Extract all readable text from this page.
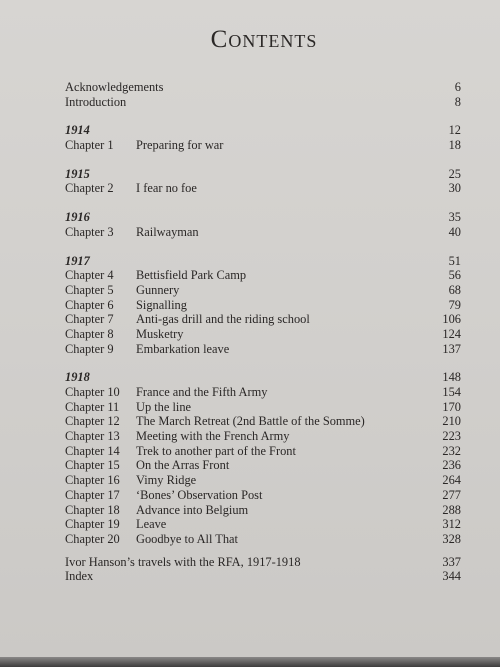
Contents
Acknowledgements	6
Introduction	8
1914	12
Chapter 1 Preparing for war	18
1915	25
Chapter 2 I fear no foe	30
1916	35
Chapter 3 Railwayman	40
1917	51
Chapter 4 Bettisfield Park Camp	56
Chapter 5 Gunnery	68
Chapter 6 Signalling	79
Chapter 7 Anti-gas drill and the riding school	106
Chapter 8 Musketry	124
Chapter 9 Embarkation leave	137
1918	148
Chapter 10 France and the Fifth Army	154
Chapter 11 Up the line	170
Chapter 12 The March Retreat (2nd Battle of the Somme)	210
Chapter 13 Meeting with the French Army	223
Chapter 14 Trek to another part of the Front	232
Chapter 15 On the Arras Front	236
Chapter 16 Vimy Ridge	264
Chapter 17 ‘Bones’ Observation Post	277
Chapter 18 Advance into Belgium	288
Chapter 19 Leave	312
Chapter 20 Goodbye to All That	328
Ivor Hanson’s travels with the RFA, 1917-1918	337
Index	344
